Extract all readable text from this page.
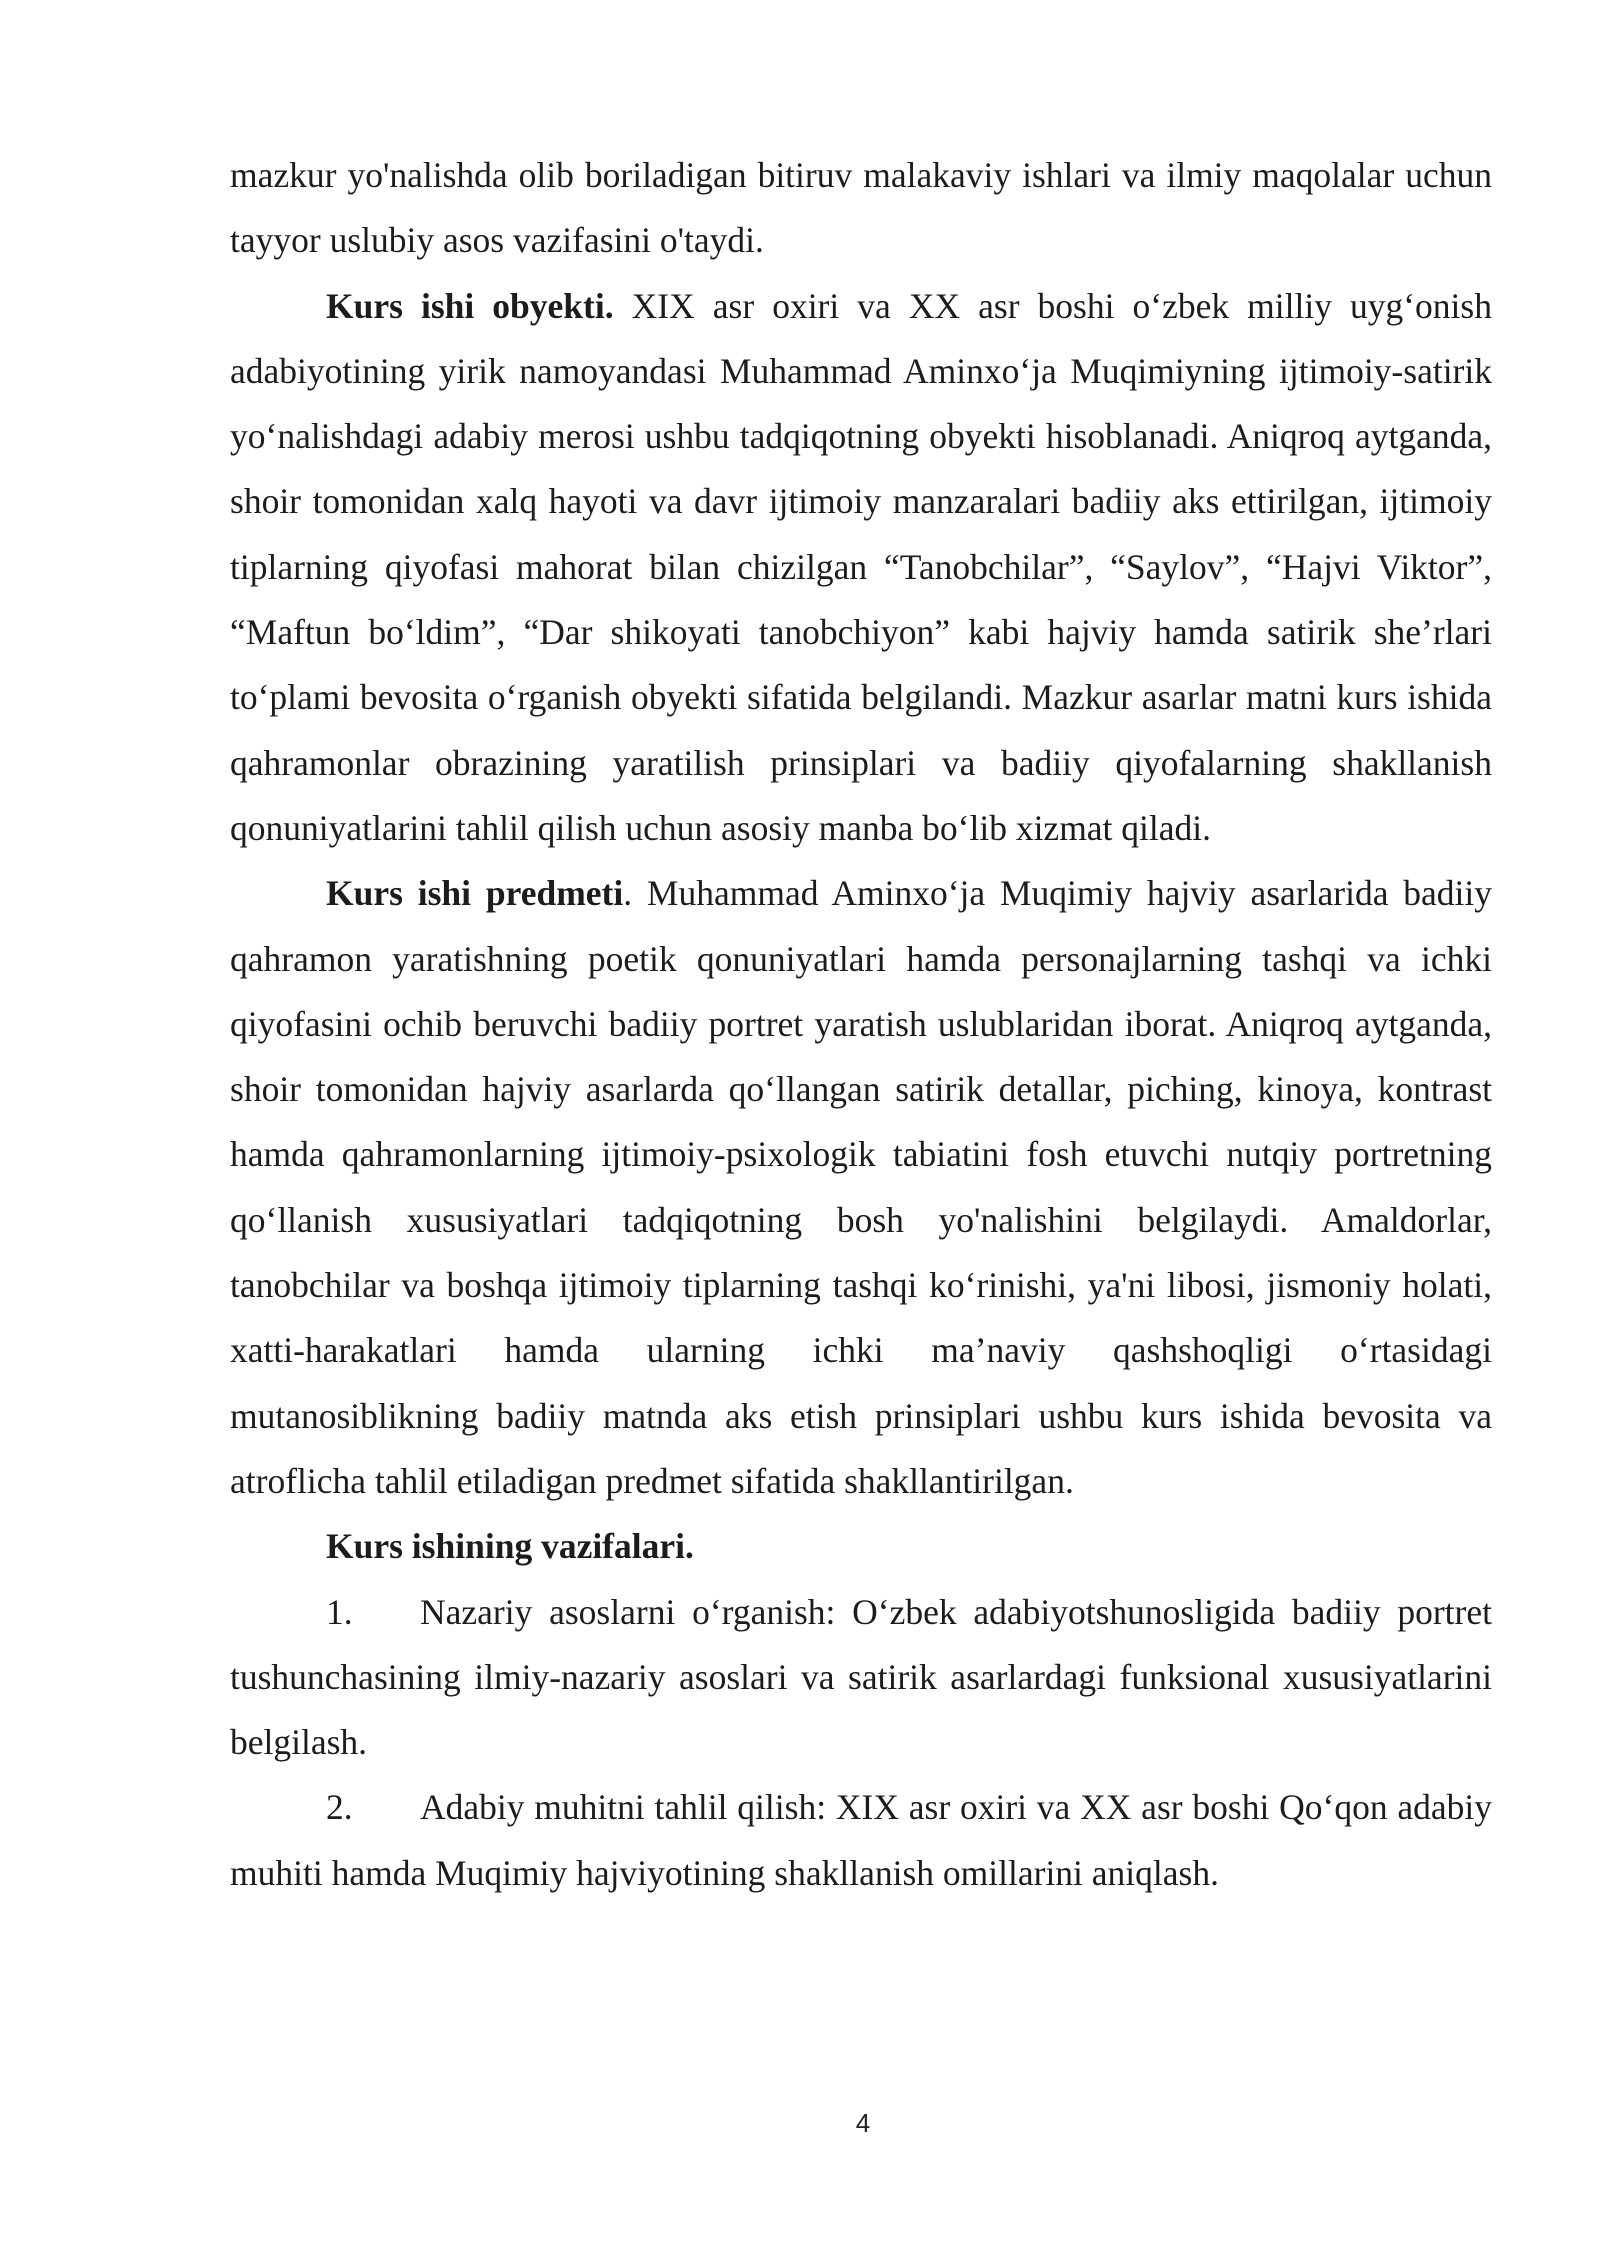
mazkur yo'nalishda olib boriladigan bitiruv malakaviy ishlari va ilmiy maqolalar uchun tayyor uslubiy asos vazifasini o'taydi.

Kurs ishi obyekti. XIX asr oxiri va XX asr boshi o‘zbek milliy uyg‘onish adabiyotining yirik namoyandasi Muhammad Aminxo‘ja Muqimiyning ijtimoiy-satirik yo‘nalishdagi adabiy merosi ushbu tadqiqotning obyekti hisoblanadi. Aniqroq aytganda, shoir tomonidan xalq hayoti va davr ijtimoiy manzaralari badiiy aks ettirilgan, ijtimoiy tiplarning qiyofasi mahorat bilan chizilgan “Tanobchilar”, “Saylov”, “Hajvi Viktor”, “Maftun bo‘ldim”, “Dar shikoyati tanobchiyon” kabi hajviy hamda satirik she’rlari to‘plami bevosita o‘rganish obyekti sifatida belgilandi. Mazkur asarlar matni kurs ishida qahramonlar obrazining yaratilish prinsiplari va badiiy qiyofalarning shakllanish qonuniyatlarini tahlil qilish uchun asosiy manba bo‘lib xizmat qiladi.

Kurs ishi predmeti. Muhammad Aminxo‘ja Muqimiy hajviy asarlarida badiiy qahramon yaratishning poetik qonuniyatlari hamda personajlarning tashqi va ichki qiyofasini ochib beruvchi badiiy portret yaratish uslublaridan iborat. Aniqroq aytganda, shoir tomonidan hajviy asarlarda qo‘llangan satirik detallar, piching, kinoya, kontrast hamda qahramonlarning ijtimoiy-psixologik tabiatini fosh etuvchi nutqiy portretning qo‘llanish xususiyatlari tadqiqotning bosh yo'nalishini belgilaydi. Amaldorlar, tanobchilar va boshqa ijtimoiy tiplarning tashqi ko‘rinishi, ya'ni libosi, jismoniy holati, xatti-harakatlari hamda ularning ichki ma’naviy qashshoqligi o‘rtasidagi mutanosiblikning badiiy matnda aks etish prinsiplari ushbu kurs ishida bevosita va atroflicha tahlil etiladigan predmet sifatida shakllantirilgan.

Kurs ishining vazifalari.

1. Nazariy asoslarni o‘rganish: O‘zbek adabiyotshunosligida badiiy portret tushunchasining ilmiy-nazariy asoslari va satirik asarlardagi funksional xususiyatlarini belgilash.

2. Adabiy muhitni tahlil qilish: XIX asr oxiri va XX asr boshi Qo‘qon adabiy muhiti hamda Muqimiy hajviyotining shakllanish omillarini aniqlash.

4
